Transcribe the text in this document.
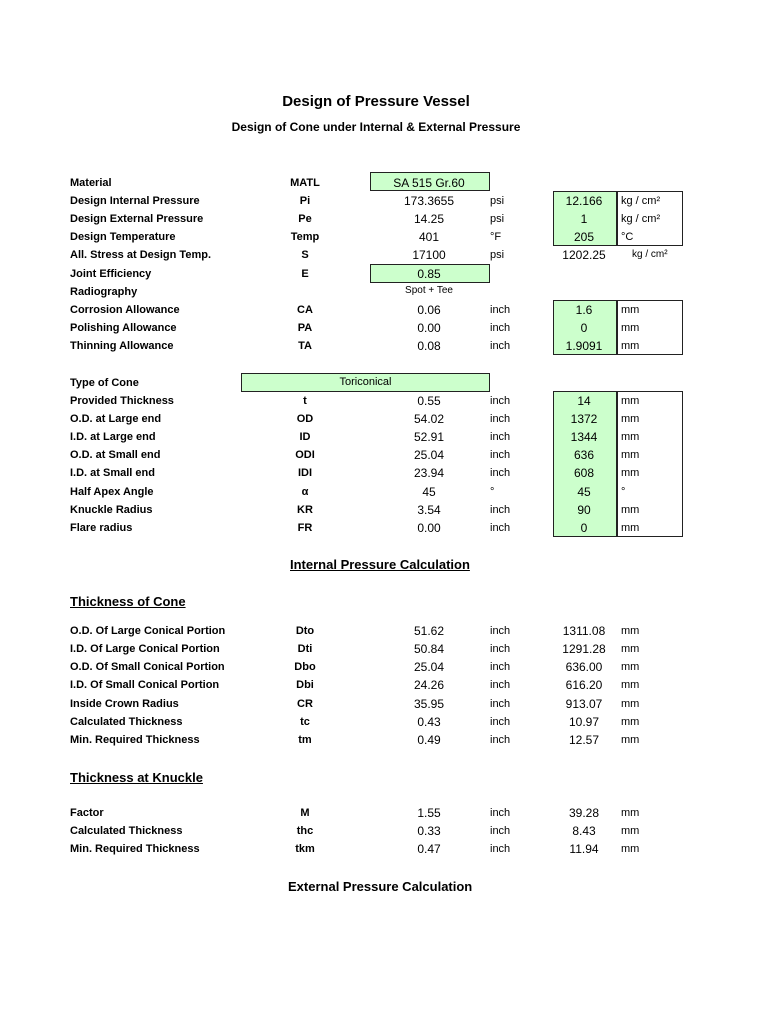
Design of Pressure Vessel
Design of Cone under Internal & External Pressure
Material	MATL	SA 515 Gr.60
Design Internal Pressure	Pi	173.3655	psi	12.166	kg / cm²
Design External Pressure	Pe	14.25	psi	1	kg / cm²
Design Temperature	Temp	401	°F	205	°C
All. Stress at Design Temp.	S	17100	psi	1202.25	kg / cm²
Joint Efficiency	E	0.85
Radiography	Spot + Tee
Corrosion Allowance	CA	0.06	inch	1.6	mm
Polishing Allowance	PA	0.00	inch	0	mm
Thinning Allowance	TA	0.08	inch	1.9091	mm
Type of Cone	Toriconical
Provided Thickness	t	0.55	inch	14	mm
O.D. at Large end	OD	54.02	inch	1372	mm
I.D. at Large end	ID	52.91	inch	1344	mm
O.D. at Small end	ODI	25.04	inch	636	mm
I.D. at Small end	IDI	23.94	inch	608	mm
Half Apex Angle	α	45	°	45	°
Knuckle Radius	KR	3.54	inch	90	mm
Flare radius	FR	0.00	inch	0	mm
Internal Pressure Calculation
Thickness of Cone
O.D. Of Large Conical Portion	Dto	51.62	inch	1311.08	mm
I.D. Of Large Conical Portion	Dti	50.84	inch	1291.28	mm
O.D. Of Small Conical Portion	Dbo	25.04	inch	636.00	mm
I.D. Of Small Conical Portion	Dbi	24.26	inch	616.20	mm
Inside Crown Radius	CR	35.95	inch	913.07	mm
Calculated Thickness	tc	0.43	inch	10.97	mm
Min. Required Thickness	tm	0.49	inch	12.57	mm
Thickness at Knuckle
Factor	M	1.55	inch	39.28	mm
Calculated Thickness	thc	0.33	inch	8.43	mm
Min. Required Thickness	tkm	0.47	inch	11.94	mm
External Pressure Calculation
